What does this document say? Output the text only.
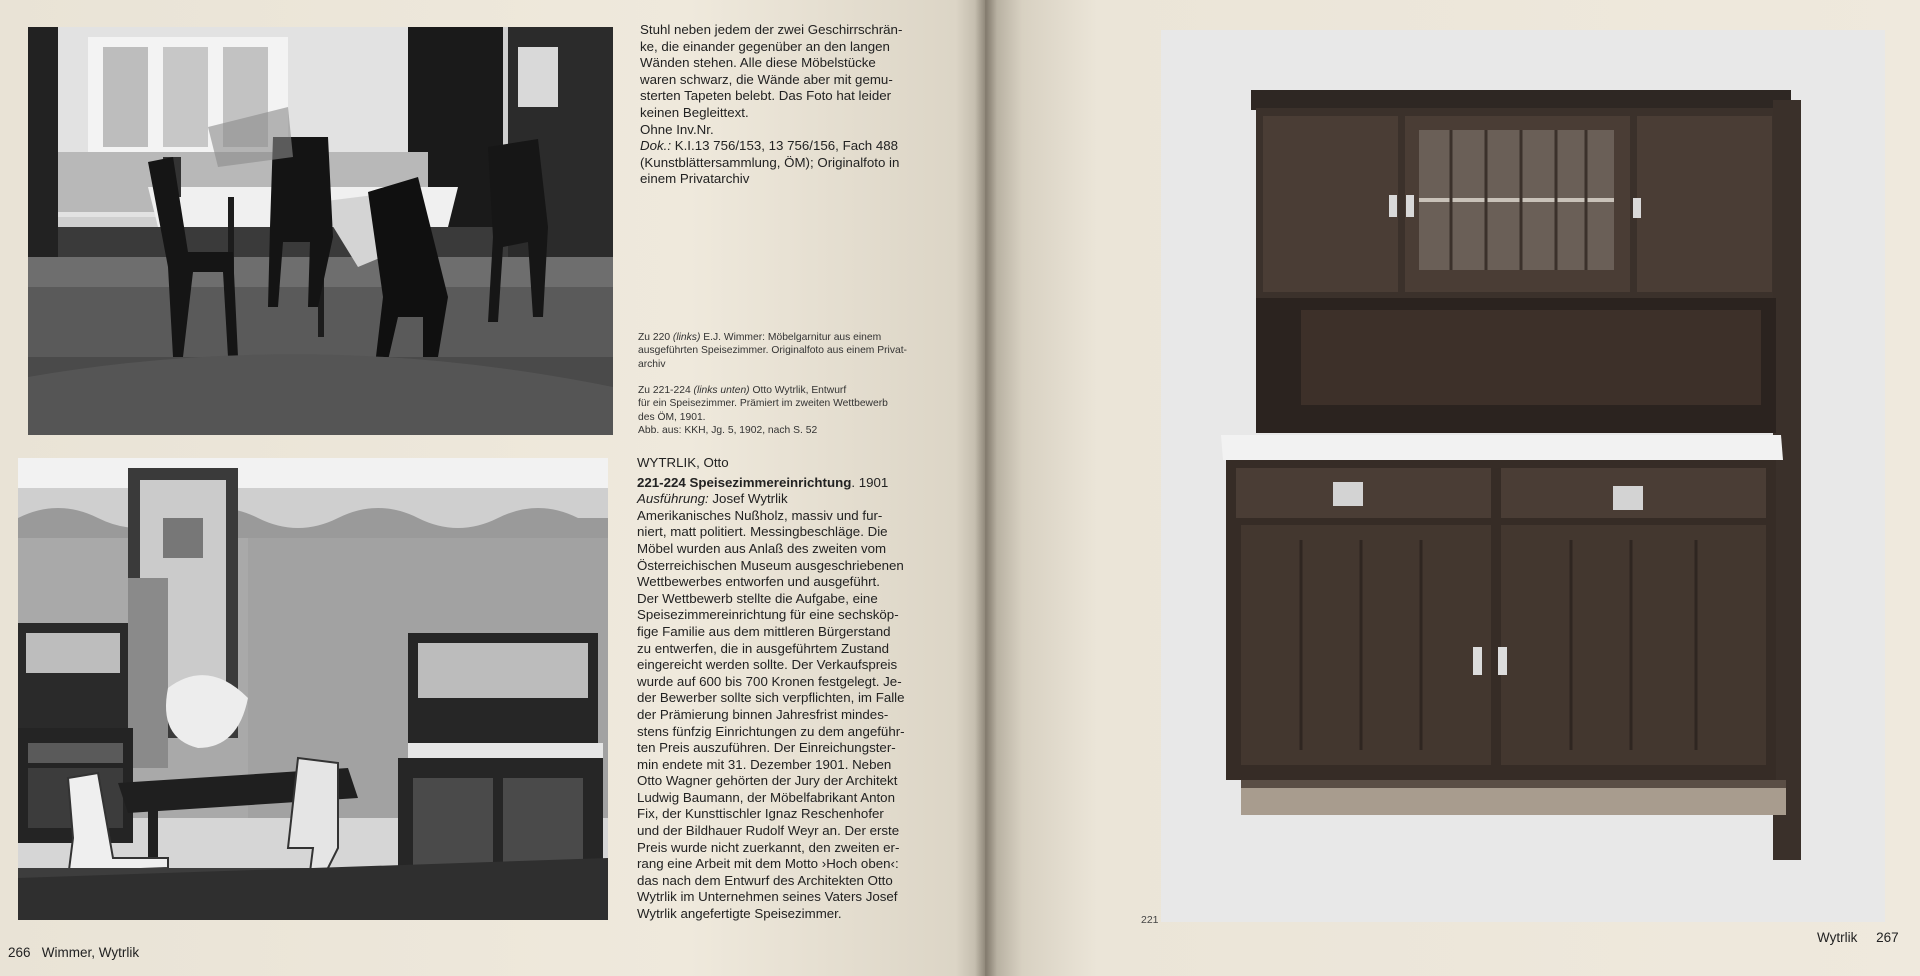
Stuhl neben jedem der zwei Geschirrschrän-

ke, die einander gegenüber an den langen

Wänden stehen. Alle diese Möbelstücke

waren schwarz, die Wände aber mit gemu-

sterten Tapeten belebt. Das Foto hat leider

keinen Begleittext.

Ohne Inv.Nr.

Dok.: K.I.13 756/153, 13 756/156, Fach 488

(Kunstblättersammlung, ÖM); Originalfoto in

einem Privatarchiv

Zu 220 (links) E.J. Wimmer: Möbelgarnitur aus einem

ausgeführten Speisezimmer. Originalfoto aus einem Privat-

archiv

Zu 221-224 (links unten) Otto Wytrlik, Entwurf

für ein Speisezimmer. Prämiert im zweiten Wettbewerb

des ÖM, 1901.

Abb. aus: KKH, Jg. 5, 1902, nach S. 52

WYTRLIK, Otto

221-224 Speisezimmereinrichtung. 1901

Ausführung: Josef Wytrlik

Amerikanisches Nußholz, massiv und fur-

niert, matt politiert. Messingbeschläge. Die

Möbel wurden aus Anlaß des zweiten vom

Österreichischen Museum ausgeschriebenen

Wettbewerbes entworfen und ausgeführt.

Der Wettbewerb stellte die Aufgabe, eine

Speisezimmereinrichtung für eine sechsköp-

fige Familie aus dem mittleren Bürgerstand

zu entwerfen, die in ausgeführtem Zustand

eingereicht werden sollte. Der Verkaufspreis

wurde auf 600 bis 700 Kronen festgelegt. Je-

der Bewerber sollte sich verpflichten, im Falle

der Prämierung binnen Jahresfrist mindes-

stens fünfzig Einrichtungen zu dem angeführ-

ten Preis auszuführen. Der Einreichungster-

min endete mit 31. Dezember 1901. Neben

Otto Wagner gehörten der Jury der Architekt

Ludwig Baumann, der Möbelfabrikant Anton

Fix, der Kunsttischler Ignaz Reschenhofer

und der Bildhauer Rudolf Weyr an. Der erste

Preis wurde nicht zuerkannt, den zweiten er-

rang eine Arbeit mit dem Motto ›Hoch oben‹:

das nach dem Entwurf des Architekten Otto

Wytrlik im Unternehmen seines Vaters Josef

Wytrlik angefertigte Speisezimmer.

266 Wimmer, Wytrlik
221
Wytrlik 267
